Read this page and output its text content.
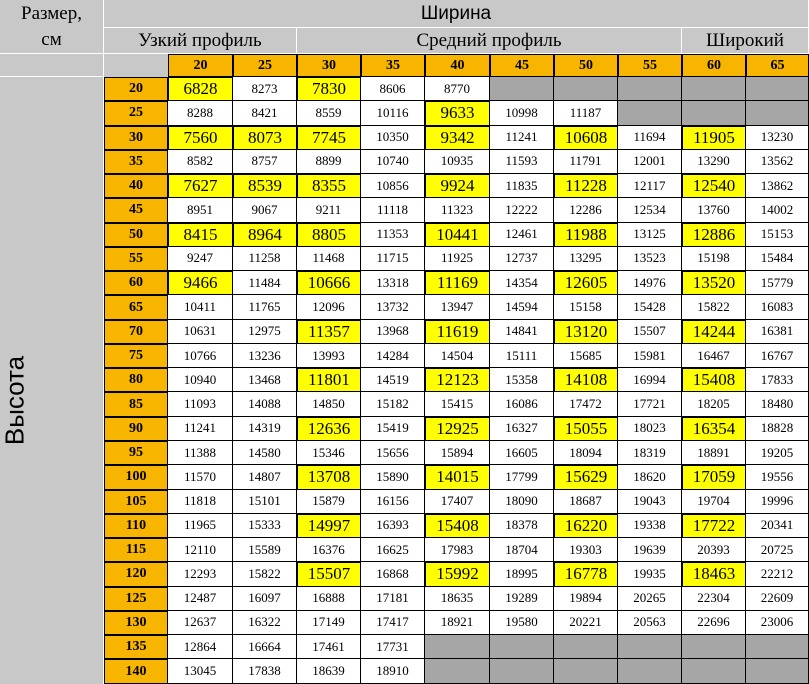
Размер,
см
Ширина
Узкий профиль	Средний профиль	Широкий
Высота
20	25	30	35	40	45	50	55	60	65
20	6828	8273	7830	8606	8770
25	8288	8421	8559	10116	9633	10998	11187
30	7560	8073	7745	10350	9342	11241	10608	11694	11905	13230
35	8582	8757	8899	10740	10935	11593	11791	12001	13290	13562
40	7627	8539	8355	10856	9924	11835	11228	12117	12540	13862
45	8951	9067	9211	11118	11323	12222	12286	12534	13760	14002
50	8415	8964	8805	11353	10441	12461	11988	13125	12886	15153
55	9247	11258	11468	11715	11925	12737	13295	13523	15198	15484
60	9466	11484	10666	13318	11169	14354	12605	14976	13520	15779
65	10411	11765	12096	13732	13947	14594	15158	15428	15822	16083
70	10631	12975	11357	13968	11619	14841	13120	15507	14244	16381
75	10766	13236	13993	14284	14504	15111	15685	15981	16467	16767
80	10940	13468	11801	14519	12123	15358	14108	16994	15408	17833
85	11093	14088	14850	15182	15415	16086	17472	17721	18205	18480
90	11241	14319	12636	15419	12925	16327	15055	18023	16354	18828
95	11388	14580	15346	15656	15894	16605	18094	18319	18891	19205
100	11570	14807	13708	15890	14015	17799	15629	18620	17059	19556
105	11818	15101	15879	16156	17407	18090	18687	19043	19704	19996
110	11965	15333	14997	16393	15408	18378	16220	19338	17722	20341
115	12110	15589	16376	16625	17983	18704	19303	19639	20393	20725
120	12293	15822	15507	16868	15992	18995	16778	19935	18463	22212
125	12487	16097	16888	17181	18635	19289	19894	20265	22304	22609
130	12637	16322	17149	17417	18921	19580	20221	20563	22696	23006
135	12864	16664	17461	17731
140	13045	17838	18639	18910
